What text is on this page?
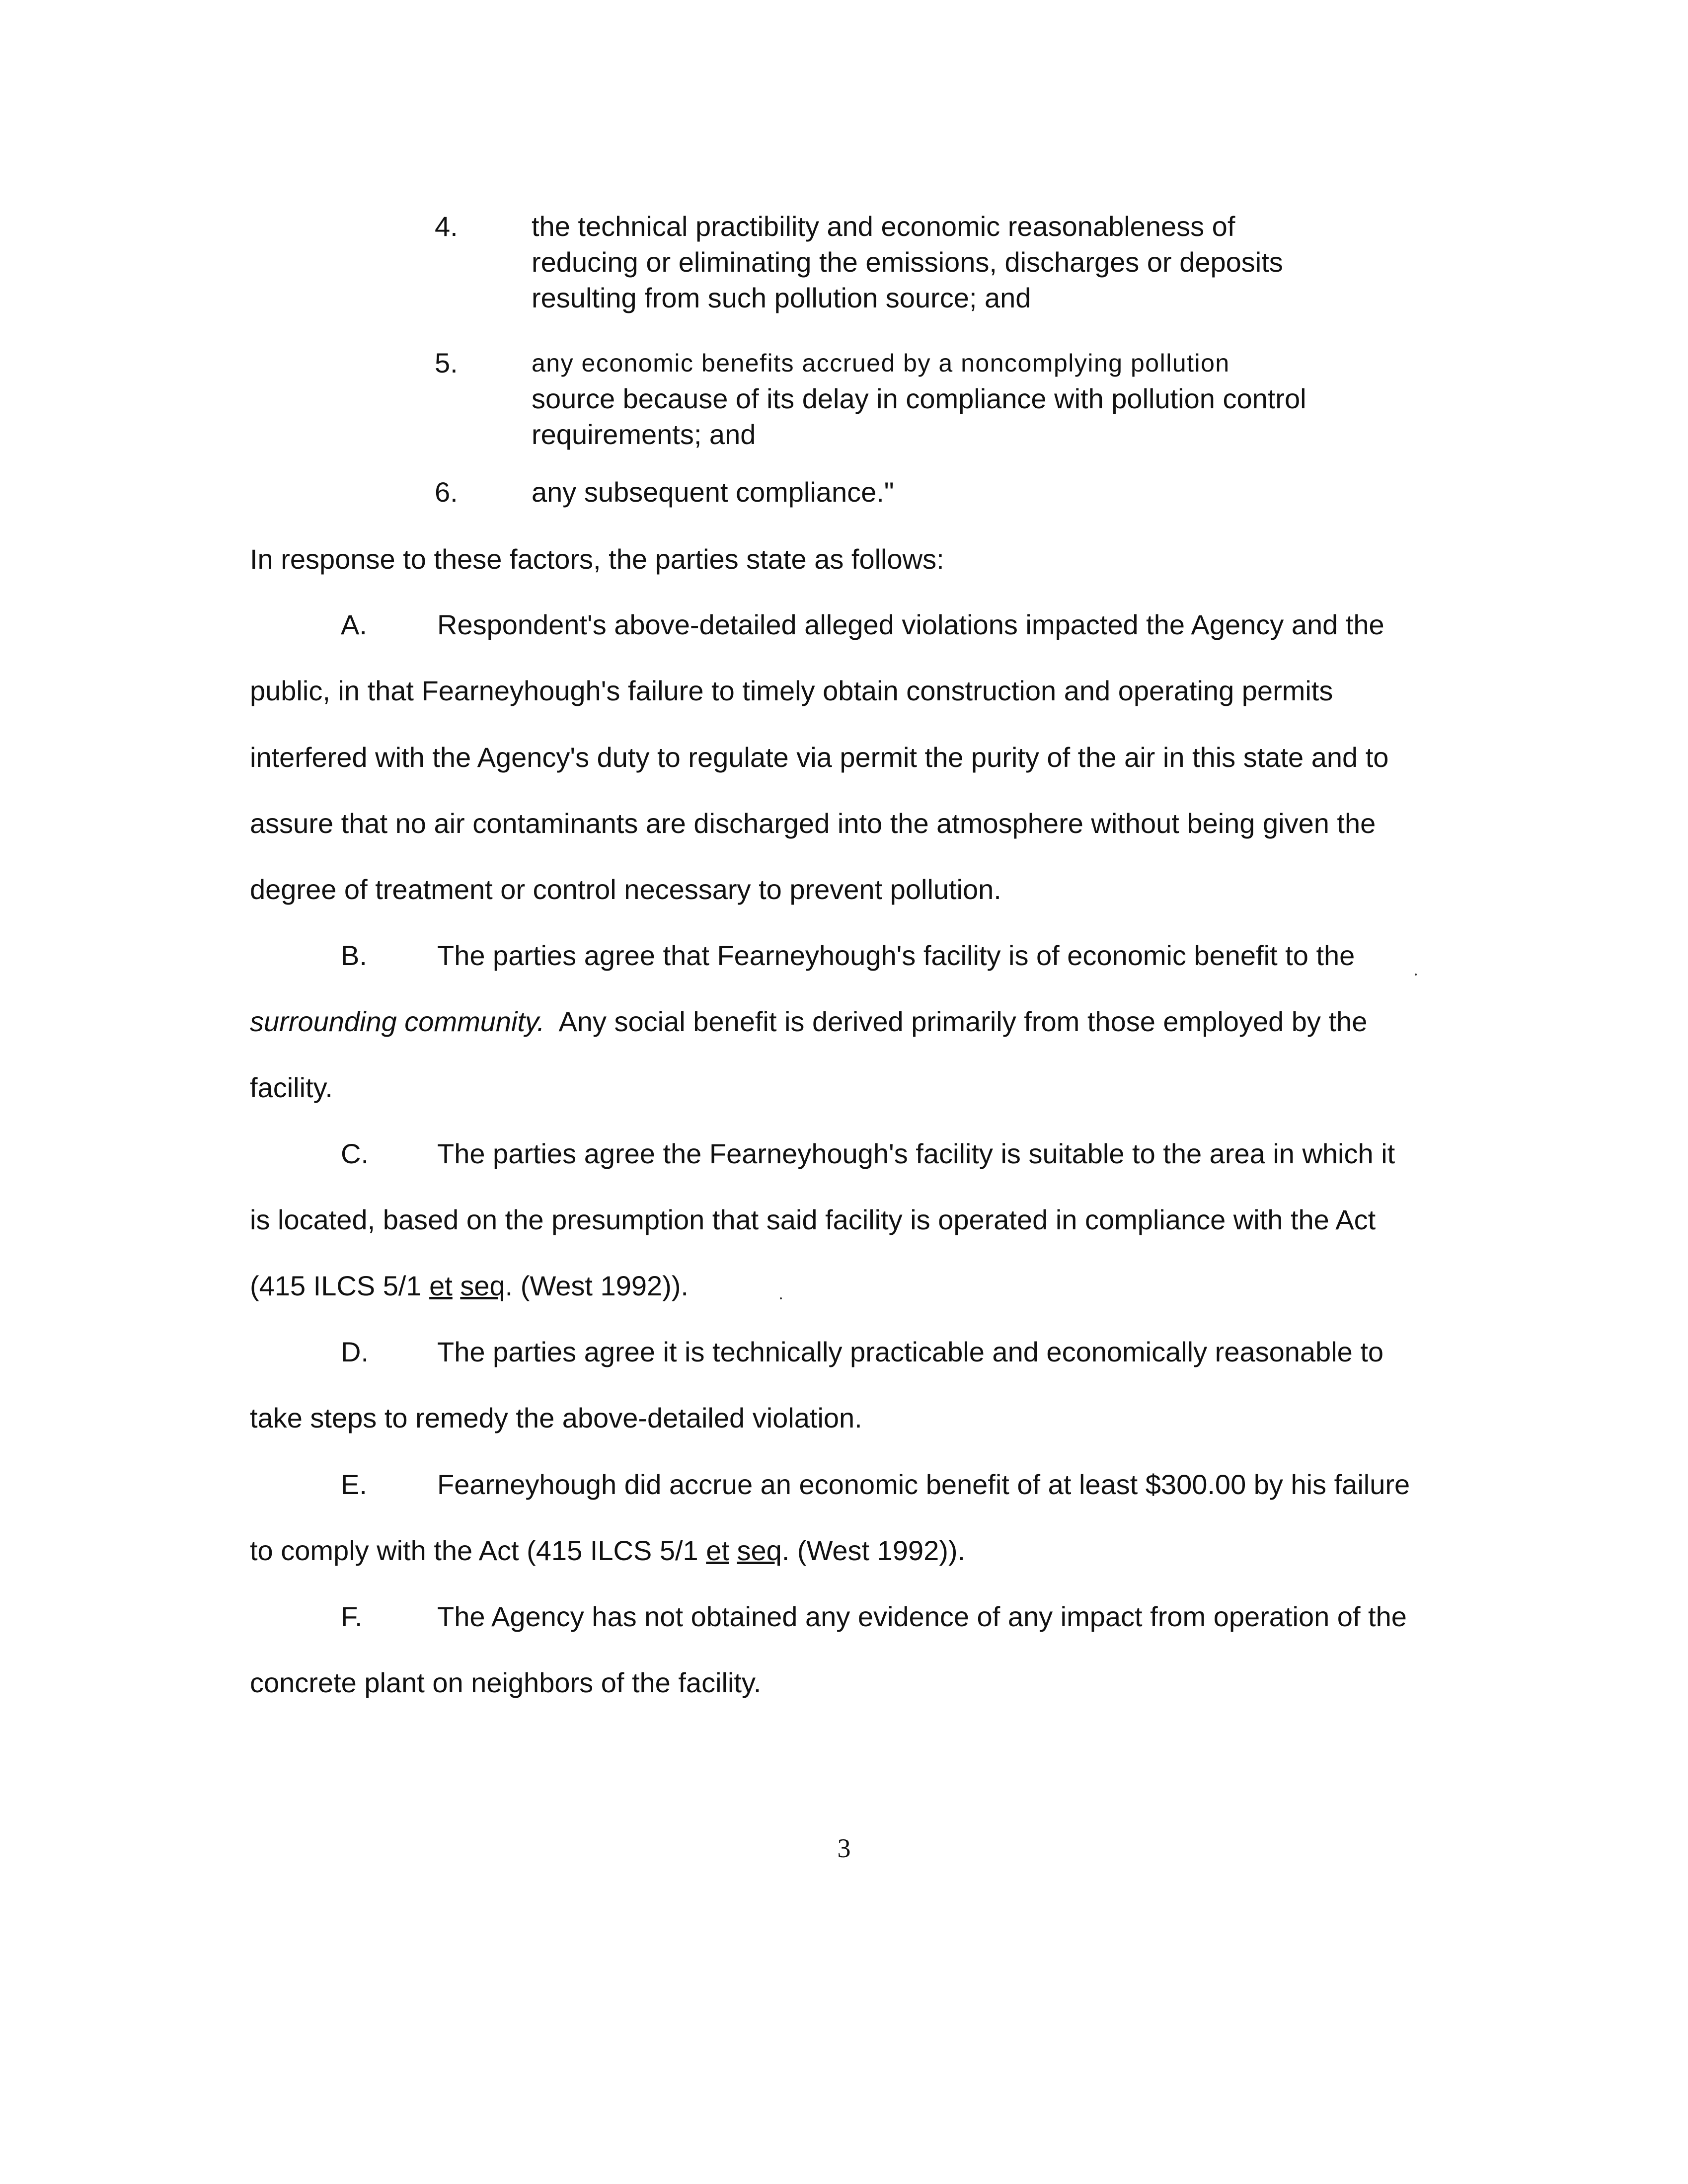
4.	the technical practibility and economic reasonableness of
reducing or eliminating the emissions, discharges or deposits
resulting from such pollution source; and
5.	any economic benefits accrued by a noncomplying pollution
source because of its delay in compliance with pollution control
requirements; and
6.	any subsequent compliance."
In response to these factors, the parties state as follows:
A.	Respondent's above-detailed alleged violations impacted the Agency and the
public, in that Fearneyhough's failure to timely obtain construction and operating permits
interfered with the Agency's duty to regulate via permit the purity of the air in this state and to
assure that no air contaminants are discharged into the atmosphere without being given the
degree of treatment or control necessary to prevent pollution.
B.	The parties agree that Fearneyhough's facility is of economic benefit to the
surrounding community.  Any social benefit is derived primarily from those employed by the
facility.
C. The parties agree the Fearneyhough's facility is suitable to the area in which it
is located, based on the presumption that said facility is operated in compliance with the Act
(415 ILCS 5/1 et seq. (West 1992)).
D. The parties agree it is technically practicable and economically reasonable to
take steps to remedy the above-detailed violation.
E.	Fearneyhough did accrue an economic benefit of at least $300.00 by his failure
to comply with the Act (415 ILCS 5/1 et seq. (West 1992)).
F.	The Agency has not obtained any evidence of any impact from operation of the
concrete plant on neighbors of the facility.
3
